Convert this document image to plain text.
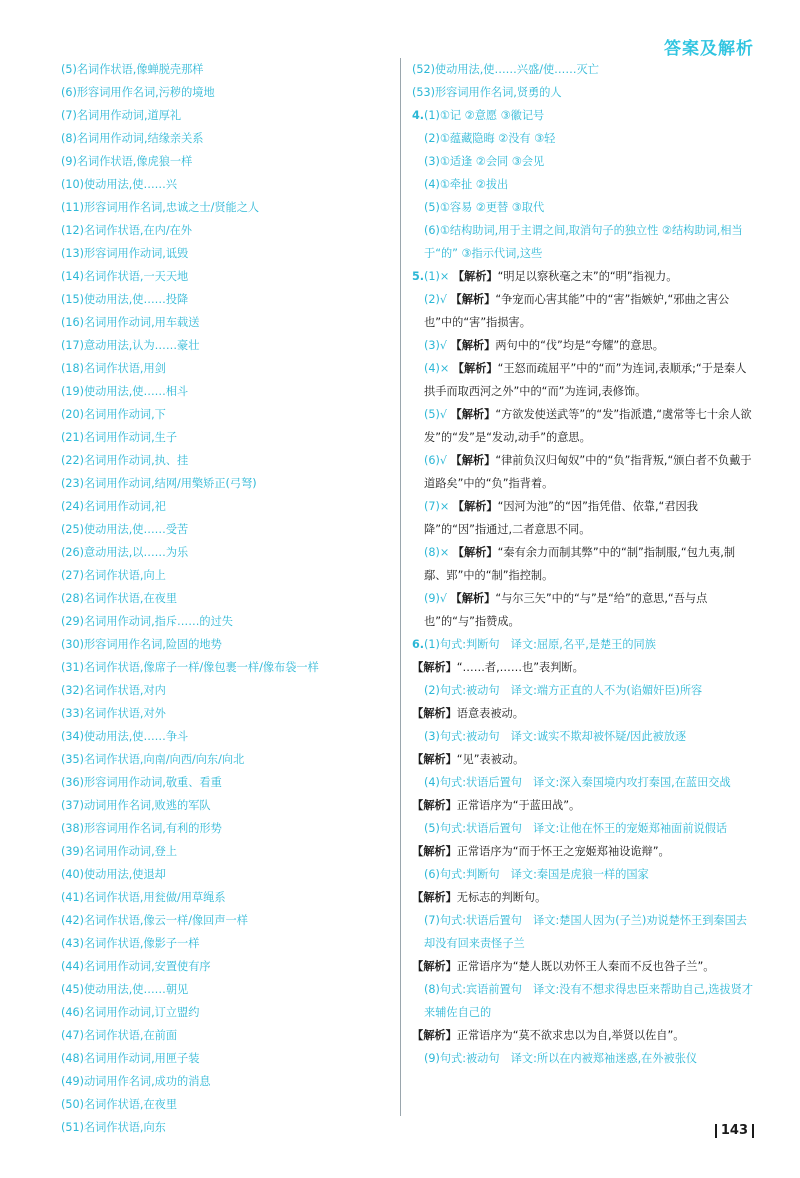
答案及解析
(5)名词作状语,像蝉脱壳那样
(6)形容词用作名词,污秽的境地
(7)名词用作动词,道厚礼
(8)名词用作动词,结缘亲关系
(9)名词作状语,像虎狼一样
(10)使动用法,使……兴
(11)形容词用作名词,忠诚之士/贤能之人
(12)名词作状语,在内/在外
(13)形容词用作动词,诋毁
(14)名词作状语,一天天地
(15)使动用法,使……投降
(16)名词用作动词,用车载送
(17)意动用法,认为……豪壮
(18)名词作状语,用剑
(19)使动用法,使……相斗
(20)名词用作动词,下
(21)名词用作动词,生子
(22)名词用作动词,执、挂
(23)名词用作动词,结网/用檠矫正(弓弩)
(24)名词用作动词,祀
(25)使动用法,使……受苦
(26)意动用法,以……为乐
(27)名词作状语,向上
(28)名词作状语,在夜里
(29)名词用作动词,指斥……的过失
(30)形容词用作名词,险固的地势
(31)名词作状语,像席子一样/像包裹一样/像布袋一样
(32)名词作状语,对内
(33)名词作状语,对外
(34)使动用法,使……争斗
(35)名词作状语,向南/向西/向东/向北
(36)形容词用作动词,敬重、看重
(37)动词用作名词,败逃的军队
(38)形容词用作名词,有利的形势
(39)名词用作动词,登上
(40)使动用法,使退却
(41)名词作状语,用瓮做/用草绳系
(42)名词作状语,像云一样/像回声一样
(43)名词作状语,像影子一样
(44)名词用作动词,安置使有序
(45)使动用法,使……朝见
(46)名词用作动词,订立盟约
(47)名词作状语,在前面
(48)名词用作动词,用匣子装
(49)动词用作名词,成功的消息
(50)名词作状语,在夜里
(51)名词作状语,向东
(52)使动用法,使……兴盛/使……灭亡
(53)形容词用作名词,贤勇的人
4.(1)①记 ②意愿 ③徽记号
(2)①蕴藏隐晦 ②没有 ③轻
(3)①适逢 ②会同 ③会见
(4)①牵扯 ②拔出
(5)①容易 ②更替 ③取代
(6)①结构助词,用于主谓之间,取消句子的独立性 ②结构助词,相当于“的” ③指示代词,这些
5.(1)× 【解析】“明足以察秋毫之末”的“明”指视力。
(2)√ 【解析】“争宠而心害其能”中的“害”指嫉妒,“邪曲之害公也”中的“害”指损害。
(3)√ 【解析】两句中的“伐”均是“夸耀”的意思。
(4)× 【解析】“王怒而疏屈平”中的“而”为连词,表顺承;“于是秦人拱手而取西河之外”中的“而”为连词,表修饰。
(5)√ 【解析】“方欲发使送武等”的“发”指派遣,“虞常等七十余人欲发”的“发”是“发动,动手”的意思。
(6)√ 【解析】“律前负汉归匈奴”中的“负”指背叛,“颁白者不负戴于道路矣”中的“负”指背着。
(7)× 【解析】“因河为池”的“因”指凭借、依靠,“君因我降”的“因”指通过,二者意思不同。
(8)× 【解析】“秦有余力而制其弊”中的“制”指制服,“包九夷,制鄢、郢”中的“制”指控制。
(9)√ 【解析】“与尔三矢”中的“与”是“给”的意思,“吾与点也”的“与”指赞成。
6.(1)句式:判断句　译文:屈原,名平,是楚王的同族
【解析】“……者,……也”表判断。
(2)句式:被动句　译文:端方正直的人不为(谄媚奸臣)所容
【解析】语意表被动。
(3)句式:被动句　译文:诚实不欺却被怀疑/因此被放逐
【解析】“见”表被动。
(4)句式:状语后置句　译文:深入秦国境内攻打秦国,在蓝田交战
【解析】正常语序为“于蓝田战”。
(5)句式:状语后置句　译文:让他在怀王的宠姬郑袖面前说假话
【解析】正常语序为“而于怀王之宠姬郑袖设诡辩”。
(6)句式:判断句　译文:秦国是虎狼一样的国家
【解析】无标志的判断句。
(7)句式:状语后置句　译文:楚国人因为(子兰)劝说楚怀王到秦国去却没有回来责怪子兰
【解析】正常语序为“楚人既以劝怀王人秦而不反也咎子兰”。
(8)句式:宾语前置句　译文:没有不想求得忠臣来帮助自己,选拔贤才来辅佐自己的
【解析】正常语序为“莫不欲求忠以为自,举贤以佐自”。
(9)句式:被动句　译文:所以在内被郑袖迷惑,在外被张仪
143
